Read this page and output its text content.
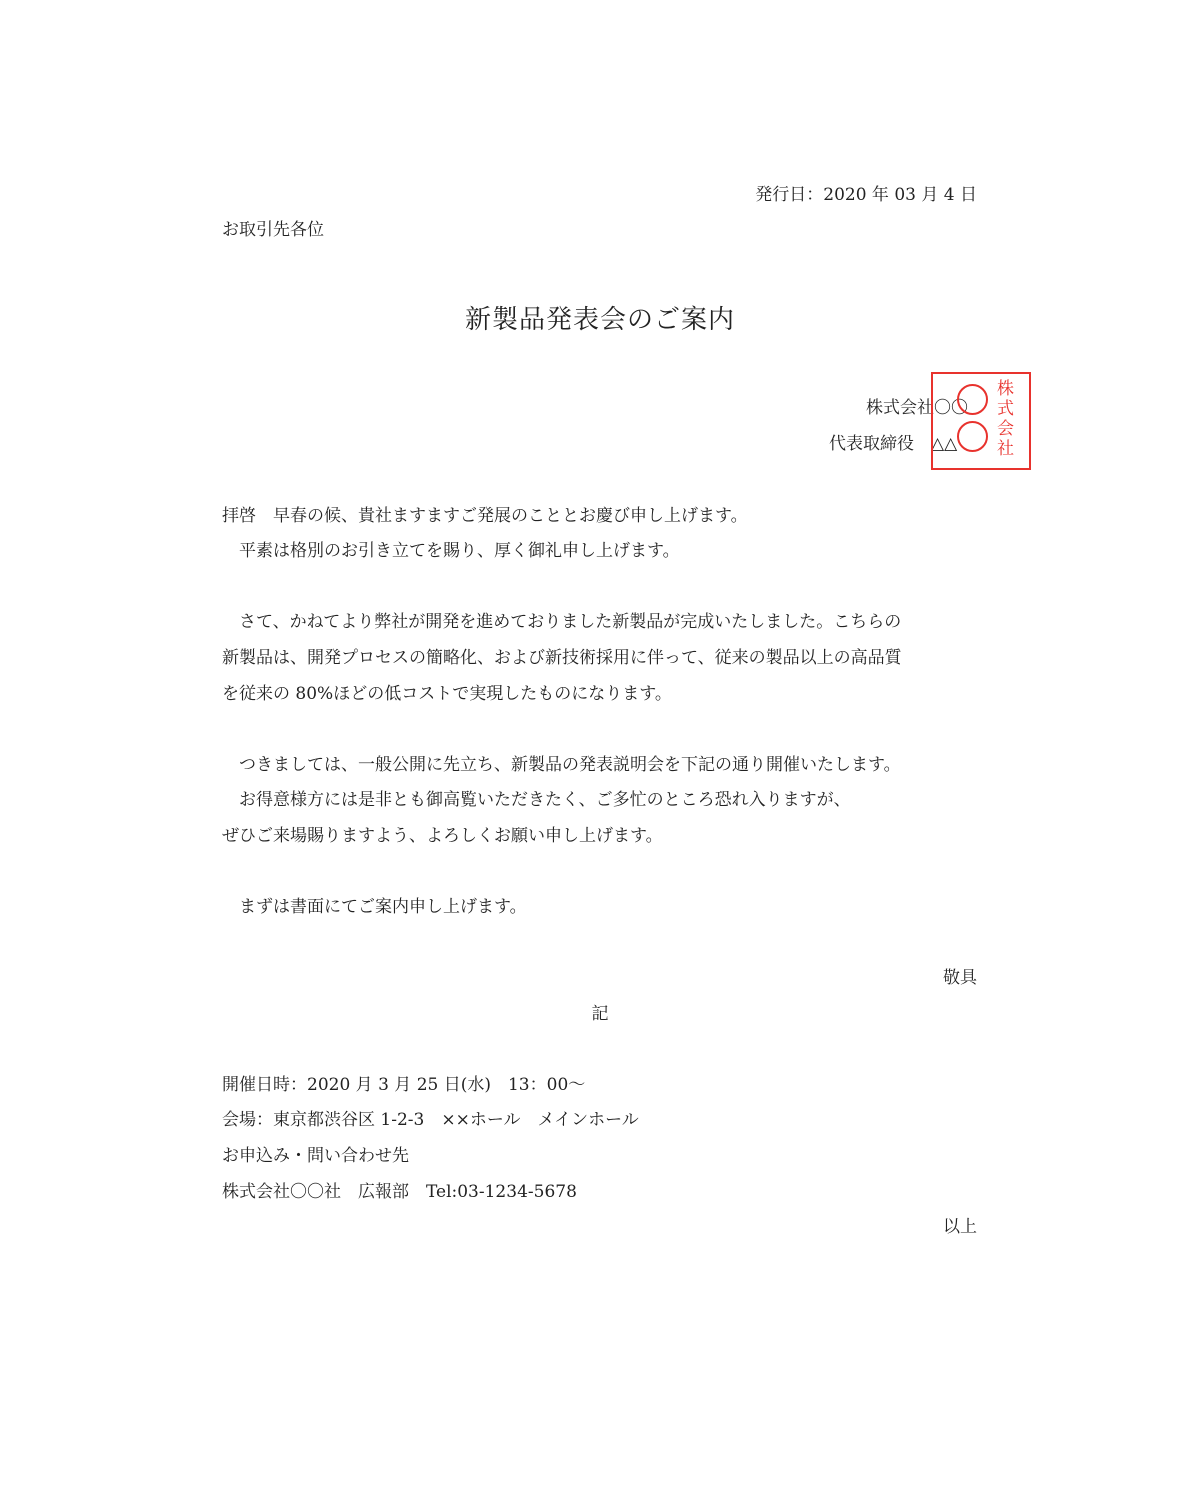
発行日：2020 年 03 月 4 日
お取引先各位
新製品発表会のご案内
株式会社〇〇
代表取締役　△△
株
式
会
社
拝啓　早春の候、貴社ますますご発展のこととお慶び申し上げます。
　平素は格別のお引き立てを賜り、厚く御礼申し上げます。
　さて、かねてより弊社が開発を進めておりました新製品が完成いたしました。こちらの
新製品は、開発プロセスの簡略化、および新技術採用に伴って、従来の製品以上の高品質
を従来の 80%ほどの低コストで実現したものになります。
　つきましては、一般公開に先立ち、新製品の発表説明会を下記の通り開催いたします。
　お得意様方には是非とも御高覧いただきたく、ご多忙のところ恐れ入りますが、
ぜひご来場賜りますよう、よろしくお願い申し上げます。
　まずは書面にてご案内申し上げます。
敬具
記
開催日時：2020 月 3 月 25 日(水)　13：00～
会場：東京都渋谷区 1-2-3　××ホール　メインホール
お申込み・問い合わせ先
株式会社〇〇社　広報部　Tel:03-1234-5678
以上
